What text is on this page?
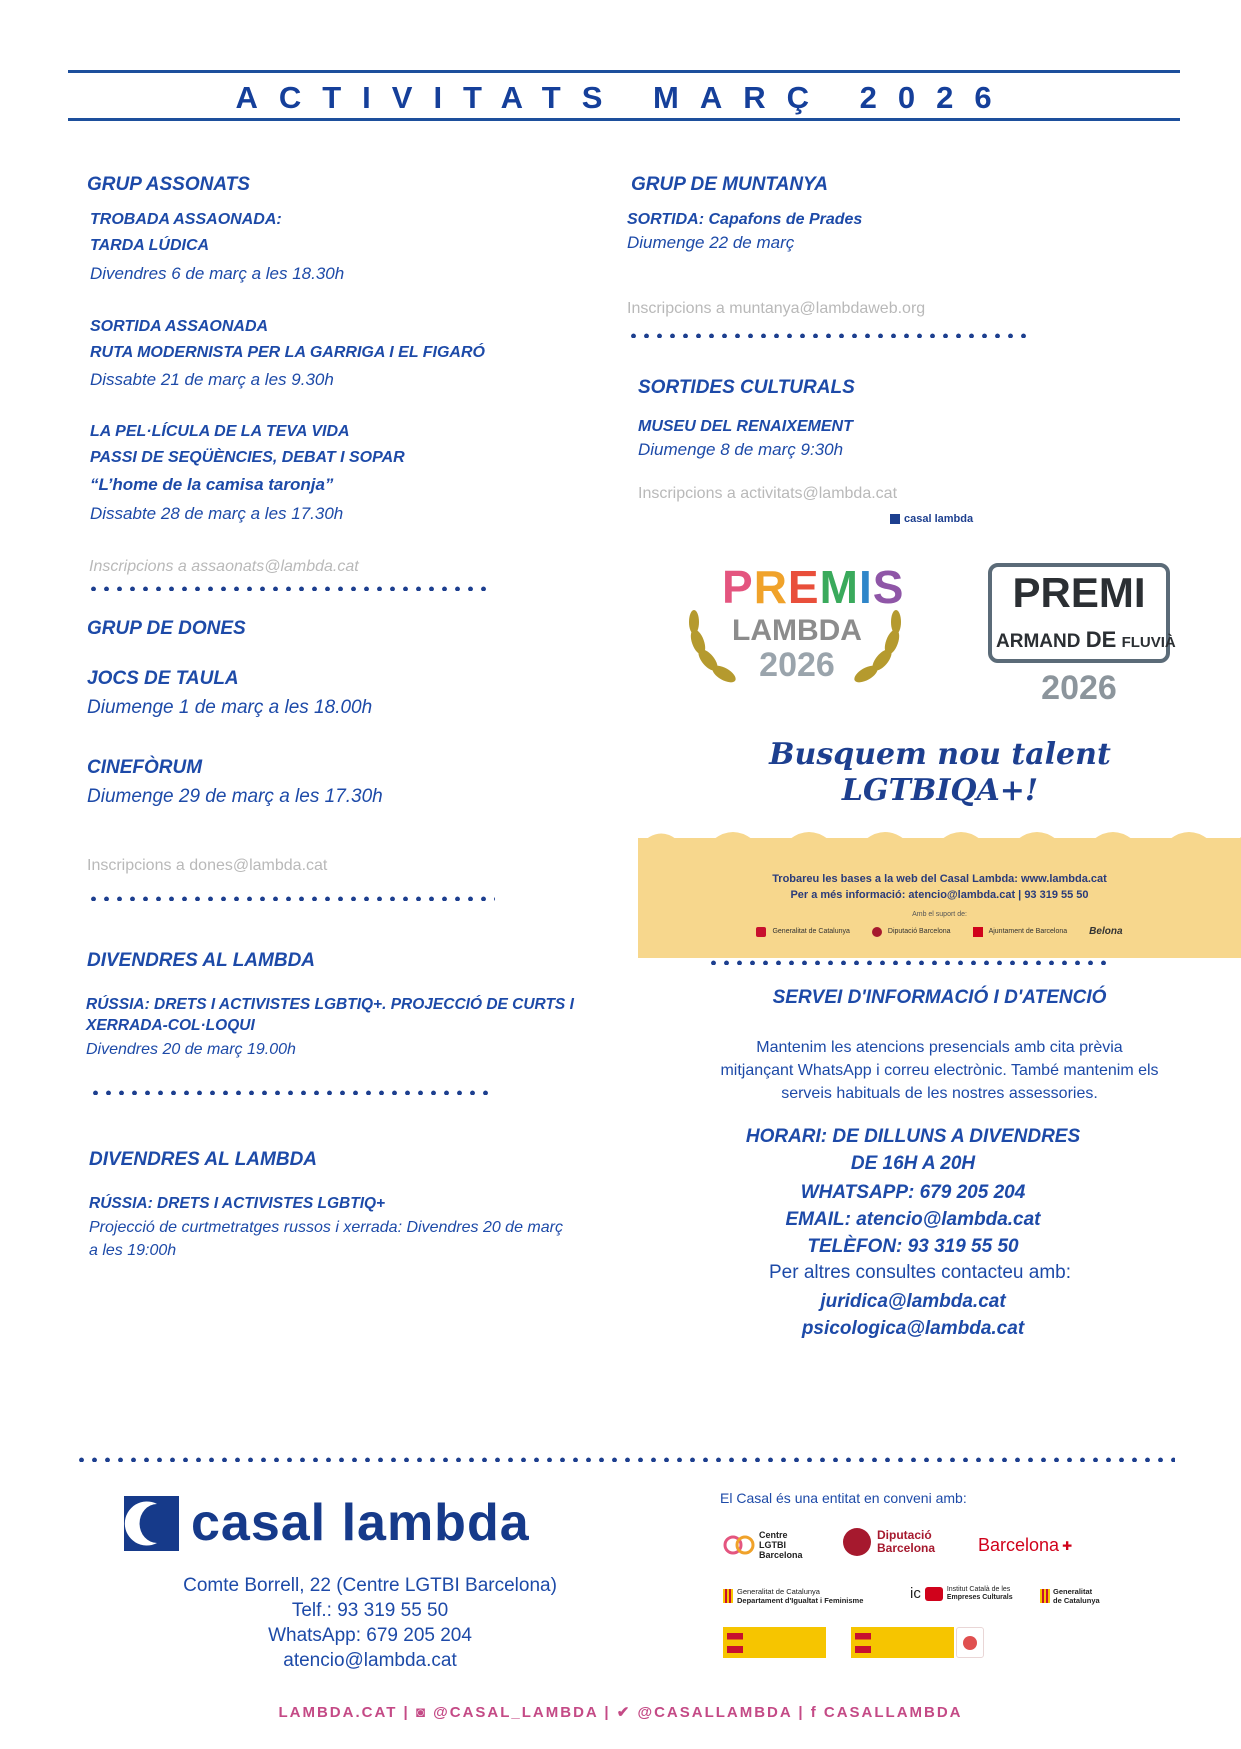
ACTIVITATS MARÇ 2026
GRUP ASSONATS
TROBADA ASSAONADA:
TARDA LÚDICA
Divendres 6 de març a les 18.30h
SORTIDA ASSAONADA
RUTA MODERNISTA PER LA GARRIGA I EL FIGARÓ
Dissabte 21 de març a les 9.30h
LA PEL·LÍCULA DE LA TEVA VIDA
PASSI DE SEQÜÈNCIES, DEBAT I SOPAR
“L’home de la camisa taronja”
Dissabte 28 de març a les 17.30h
Inscripcions a assaonats@lambda.cat
GRUP DE DONES
JOCS DE TAULA
Diumenge 1 de març a les 18.00h
CINEFÒRUM
Diumenge 29 de març a les 17.30h
Inscripcions a dones@lambda.cat
DIVENDRES AL LAMBDA
RÚSSIA: DRETS I ACTIVISTES LGBTIQ+. PROJECCIÓ DE CURTS I
XERRADA-COL·LOQUI
Divendres 20 de març 19.00h
DIVENDRES AL LAMBDA
RÚSSIA: DRETS I ACTIVISTES LGBTIQ+
Projecció de curtmetratges russos i xerrada: Divendres 20 de març
a les 19:00h
GRUP DE MUNTANYA
SORTIDA: Capafons de Prades
Diumenge 22 de març
Inscripcions a muntanya@lambdaweb.org
SORTIDES CULTURALS
MUSEU DEL RENAIXEMENT
Diumenge 8 de març 9:30h
Inscripcions a activitats@lambda.cat
casal lambda
PREMIS
LAMBDA
2026
PREMI
ARMAND DE FLUVIÀ
2026
Busquem nou talent
LGTBIQA+!
Trobareu les bases a la web del Casal Lambda: www.lambda.cat
Per a més informació: atencio@lambda.cat | 93 319 55 50
Amb el suport de:
Generalitat de Catalunya	Diputació Barcelona	Ajuntament de Barcelona Belona
SERVEI D'INFORMACIÓ I D'ATENCIÓ
Mantenim les atencions presencials amb cita prèvia
mitjançant WhatsApp i correu electrònic. També mantenim els
serveis habituals de les nostres assessories.
HORARI: DE DILLUNS A DIVENDRES
DE 16H A 20H
WHATSAPP: 679 205 204
EMAIL: atencio@lambda.cat
TELÈFON: 93 319 55 50
Per altres consultes contacteu amb:
juridica@lambda.cat
psicologica@lambda.cat
casal lambda
Comte Borrell, 22 (Centre LGTBI Barcelona)
Telf.: 93 319 55 50
WhatsApp: 679 205 204
atencio@lambda.cat
El Casal és una entitat en conveni amb:
Centre
LGTBI
Barcelona
Diputació
Barcelona Barcelona ✚
Generalitat de Catalunya
Departament d'Igualtat i Feminisme	ic	Institut Català de les
Empreses Culturals
Generalitat
de Catalunya
LAMBDA.CAT | ◙ @CASAL_LAMBDA | ✔ @CASALLAMBDA | f CASALLAMBDA
